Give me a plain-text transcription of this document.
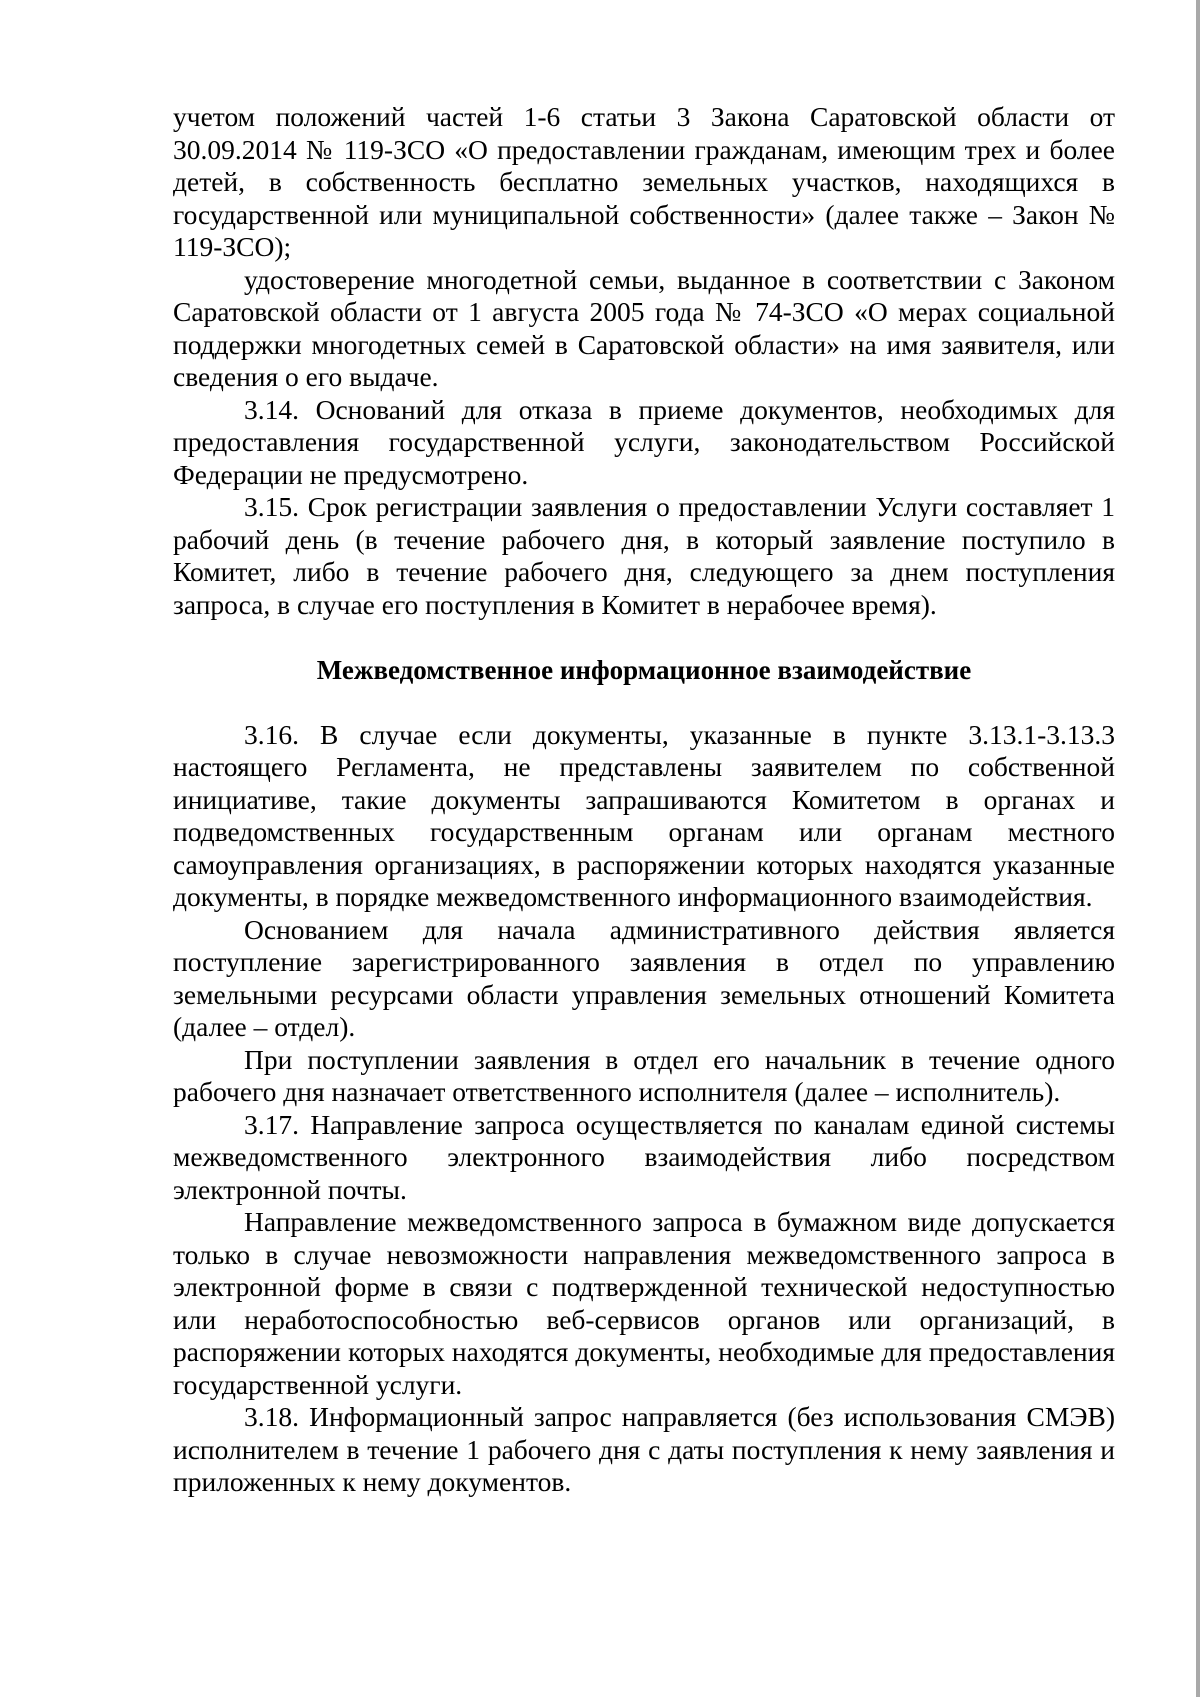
учетом положений частей 1-6 статьи 3 Закона Саратовской области от 30.09.2014 № 119-ЗСО «О предоставлении гражданам, имеющим трех и более детей, в собственность бесплатно земельных участков, находящихся в государственной или муниципальной собственности» (далее также – Закон № 119-ЗСО);

удостоверение многодетной семьи, выданное в соответствии с Законом Саратовской области от 1 августа 2005 года № 74-ЗСО «О мерах социальной поддержки многодетных семей в Саратовской области» на имя заявителя, или сведения о его выдаче.

3.14. Оснований для отказа в приеме документов, необходимых для предоставления государственной услуги, законодательством Российской Федерации не предусмотрено.

3.15. Срок регистрации заявления о предоставлении Услуги составляет 1 рабочий день (в течение рабочего дня, в который заявление поступило в Комитет, либо в течение рабочего дня, следующего за днем поступления запроса, в случае его поступления в Комитет в нерабочее время).

Межведомственное информационное взаимодействие

3.16. В случае если документы, указанные в пункте 3.13.1-3.13.3 настоящего Регламента, не представлены заявителем по собственной инициативе, такие документы запрашиваются Комитетом в органах и подведомственных государственным органам или органам местного самоуправления организациях, в распоряжении которых находятся указанные документы, в порядке межведомственного информационного взаимодействия.

Основанием для начала административного действия является поступление зарегистрированного заявления в отдел по управлению земельными ресурсами области управления земельных отношений Комитета (далее – отдел).

При поступлении заявления в отдел его начальник в течение одного рабочего дня назначает ответственного исполнителя (далее – исполнитель).

3.17. Направление запроса осуществляется по каналам единой системы межведомственного электронного взаимодействия либо посредством электронной почты.

Направление межведомственного запроса в бумажном виде допускается только в случае невозможности направления межведомственного запроса в электронной форме в связи с подтвержденной технической недоступностью или неработоспособностью веб-сервисов органов или организаций, в распоряжении которых находятся документы, необходимые для предоставления государственной услуги.

3.18. Информационный запрос направляется (без использования СМЭВ) исполнителем в течение 1 рабочего дня с даты поступления к нему заявления и приложенных к нему документов.
